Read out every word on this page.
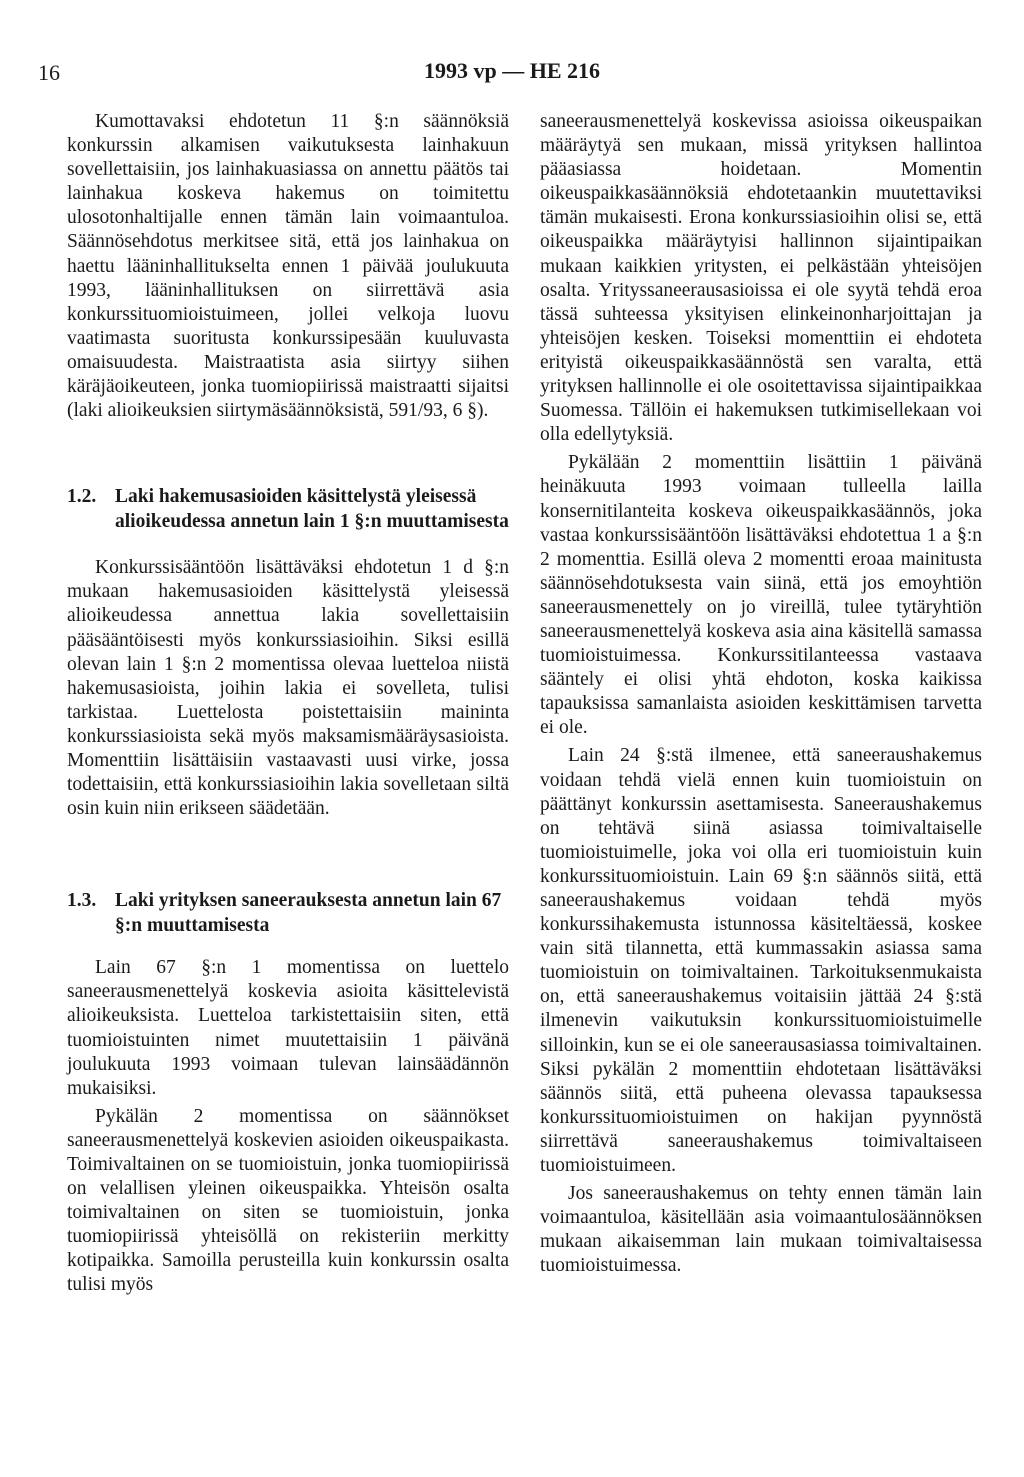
16	1993 vp — HE 216

Kumottavaksi ehdotetun 11 §:n säännöksiä konkurssin alkamisen vaikutuksesta lainhakuun sovellettaisiin, jos lainhakuasiassa on annettu päätös tai lainhakua koskeva hakemus on toimitettu ulosotonhaltijalle ennen tämän lain voimaantuloa. Säännösehdotus merkitsee sitä, että jos lainhakua on haettu lääninhallitukselta ennen 1 päivää joulukuuta 1993, lääninhallituksen on siirrettävä asia konkurssituomioistuimeen, jollei velkoja luovu vaatimasta suoritusta konkurssipesään kuuluvasta omaisuudesta. Maistraatista asia siirtyy siihen käräjäoikeuteen, jonka tuomiopiirissä maistraatti sijaitsi (laki alioikeuksien siirtymäsäännöksistä, 591/93, 6 §).

1.2. Laki hakemusasioiden käsittelystä yleisessä alioikeudessa annetun lain 1 §:n muuttamisesta

Konkurssisääntöön lisättäväksi ehdotetun 1 d §:n mukaan hakemusasioiden käsittelystä yleisessä alioikeudessa annettua lakia sovellettaisiin pääsääntöisesti myös konkurssiasioihin. Siksi esillä olevan lain 1 §:n 2 momentissa olevaa luetteloa niistä hakemusasioista, joihin lakia ei sovelleta, tulisi tarkistaa. Luettelosta poistettaisiin maininta konkurssiasioista sekä myös maksamismääräysasioista. Momenttiin lisättäisiin vastaavasti uusi virke, jossa todettaisiin, että konkurssiasioihin lakia sovelletaan siltä osin kuin niin erikseen säädetään.

1.3. Laki yrityksen saneerauksesta annetun lain 67 §:n muuttamisesta

Lain 67 §:n 1 momentissa on luettelo saneerausmenettelyä koskevia asioita käsittelevistä alioikeuksista. Luetteloa tarkistettaisiin siten, että tuomioistuinten nimet muutettaisiin 1 päivänä joulukuuta 1993 voimaan tulevan lainsäädännön mukaisiksi.

Pykälän 2 momentissa on säännökset saneerausmenettelyä koskevien asioiden oikeuspaikasta. Toimivaltainen on se tuomioistuin, jonka tuomiopiirissä on velallisen yleinen oikeuspaikka. Yhteisön osalta toimivaltainen on siten se tuomioistuin, jonka tuomiopiirissä yhteisöllä on rekisteriin merkitty kotipaikka. Samoilla perusteilla kuin konkurssin osalta tulisi myös

saneerausmenettelyä koskevissa asioissa oikeuspaikan määräytyä sen mukaan, missä yrityksen hallintoa pääasiassa hoidetaan. Momentin oikeuspaikkasäännöksiä ehdotetaankin muutettaviksi tämän mukaisesti. Erona konkurssiasioihin olisi se, että oikeuspaikka määräytyisi hallinnon sijaintipaikan mukaan kaikkien yritysten, ei pelkästään yhteisöjen osalta. Yrityssaneerausasioissa ei ole syytä tehdä eroa tässä suhteessa yksityisen elinkeinonharjoittajan ja yhteisöjen kesken. Toiseksi momenttiin ei ehdoteta erityistä oikeuspaikkasäännöstä sen varalta, että yrityksen hallinnolle ei ole osoitettavissa sijaintipaikkaa Suomessa. Tällöin ei hakemuksen tutkimisellekaan voi olla edellytyksiä.

Pykälään 2 momenttiin lisättiin 1 päivänä heinäkuuta 1993 voimaan tulleella lailla konsernitilanteita koskeva oikeuspaikkasäännös, joka vastaa konkurssisääntöön lisättäväksi ehdotettua 1 a §:n 2 momenttia. Esillä oleva 2 momentti eroaa mainitusta säännösehdotuksesta vain siinä, että jos emoyhtiön saneerausmenettely on jo vireillä, tulee tytäryhtiön saneerausmenettelyä koskeva asia aina käsitellä samassa tuomioistuimessa. Konkurssitilanteessa vastaava sääntely ei olisi yhtä ehdoton, koska kaikissa tapauksissa samanlaista asioiden keskittämisen tarvetta ei ole.

Lain 24 §:stä ilmenee, että saneeraushakemus voidaan tehdä vielä ennen kuin tuomioistuin on päättänyt konkurssin asettamisesta. Saneeraushakemus on tehtävä siinä asiassa toimivaltaiselle tuomioistuimelle, joka voi olla eri tuomioistuin kuin konkurssituomioistuin. Lain 69 §:n säännös siitä, että saneeraushakemus voidaan tehdä myös konkurssihakemusta istunnossa käsiteltäessä, koskee vain sitä tilannetta, että kummassakin asiassa sama tuomioistuin on toimivaltainen. Tarkoituksenmukaista on, että saneeraushakemus voitaisiin jättää 24 §:stä ilmenevin vaikutuksin konkurssituomioistuimelle silloinkin, kun se ei ole saneerausasiassa toimivaltainen. Siksi pykälän 2 momenttiin ehdotetaan lisättäväksi säännös siitä, että puheena olevassa tapauksessa konkurssituomioistuimen on hakijan pyynnöstä siirrettävä saneeraushakemus toimivaltaiseen tuomioistuimeen.

Jos saneeraushakemus on tehty ennen tämän lain voimaantuloa, käsitellään asia voimaantulosäännöksen mukaan aikaisemman lain mukaan toimivaltaisessa tuomioistuimessa.
